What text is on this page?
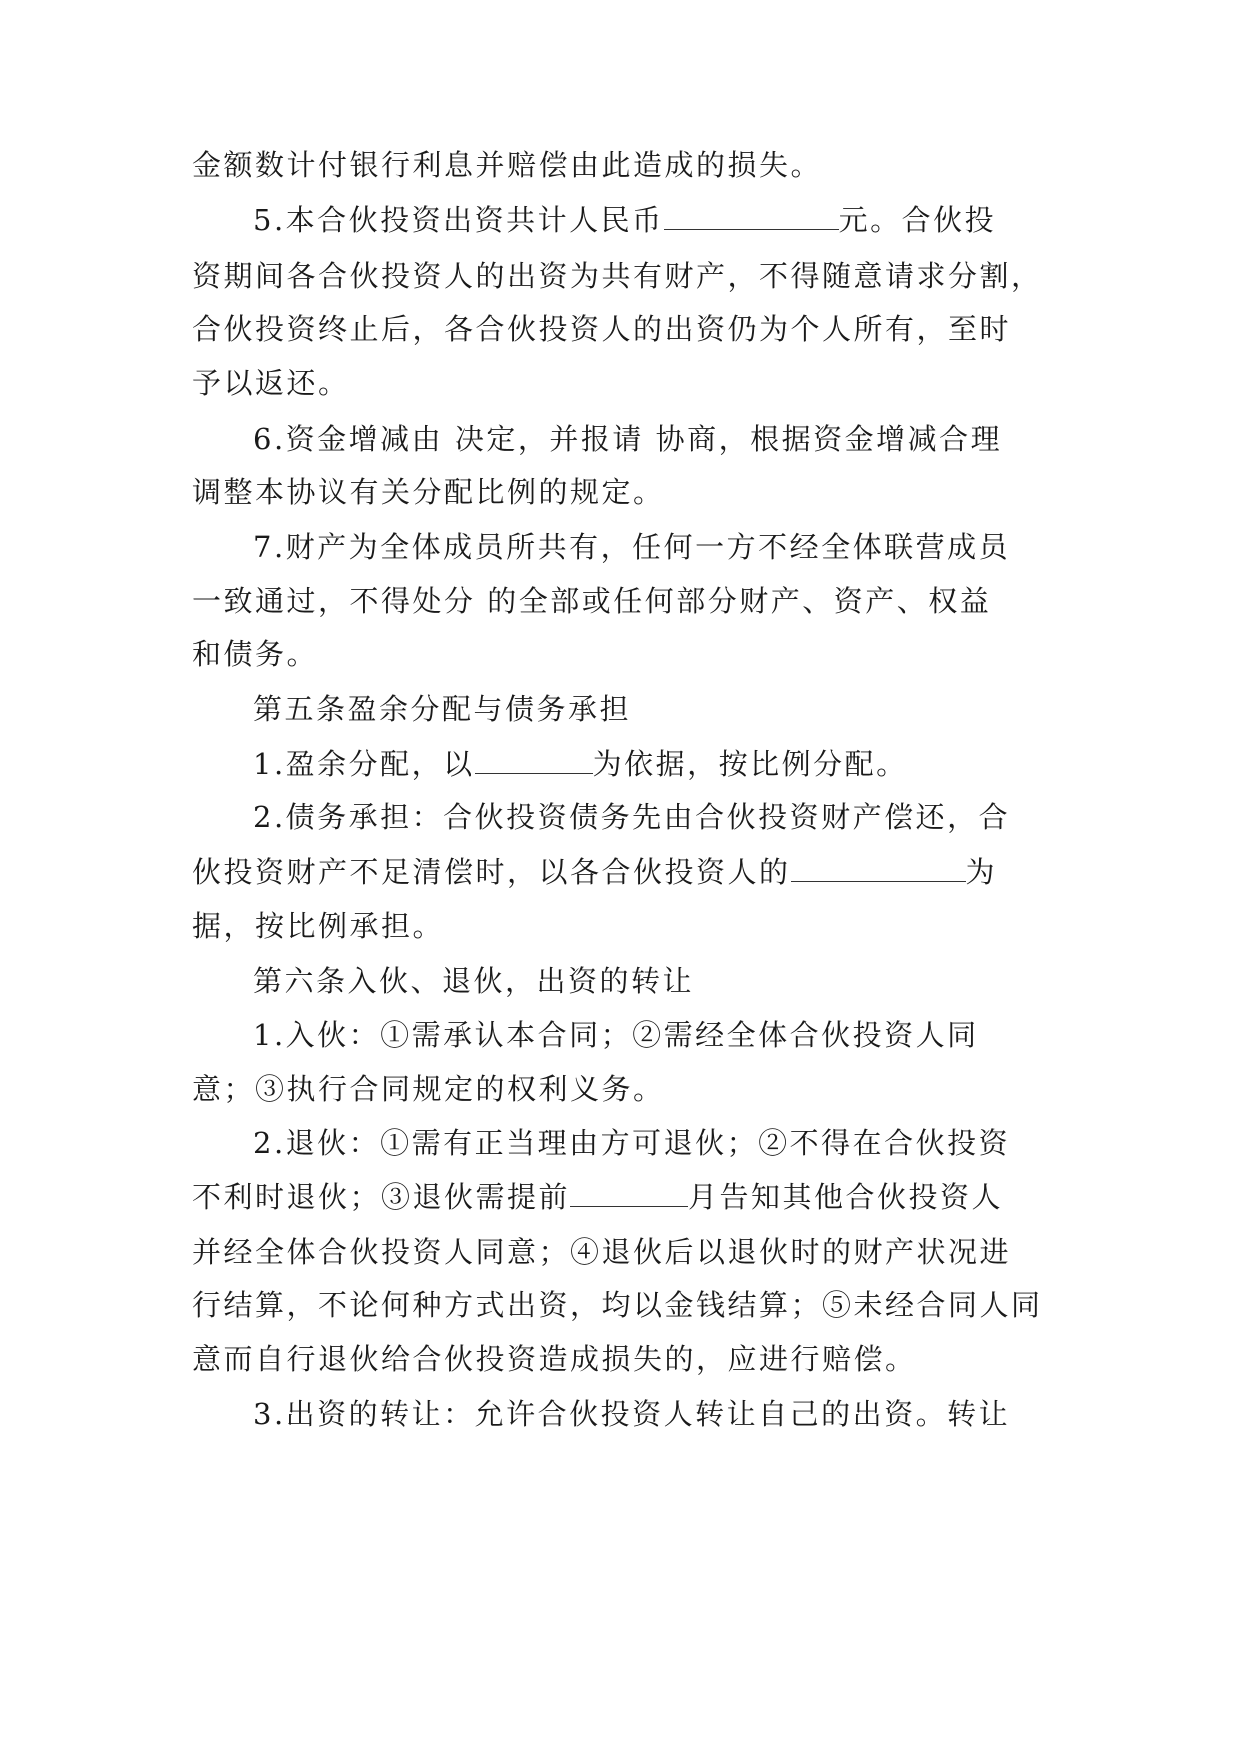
金额数计付银行利息并赔偿由此造成的损失。
5.本合伙投资出资共计人民币	元。合伙投
资期间各合伙投资人的出资为共有财产，不得随意请求分割，
合伙投资终止后，各合伙投资人的出资仍为个人所有，至时
予以返还。
6.资金增减由 决定，并报请 协商，根据资金增减合理
调整本协议有关分配比例的规定。
7.财产为全体成员所共有，任何一方不经全体联营成员
一致通过，不得处分 的全部或任何部分财产、资产、权益
和债务。
第五条盈余分配与债务承担
1.盈余分配，以	为依据，按比例分配。
2.债务承担：合伙投资债务先由合伙投资财产偿还，合
伙投资财产不足清偿时，以各合伙投资人的	为
据，按比例承担。
第六条入伙、退伙，出资的转让
1.入伙：①需承认本合同；②需经全体合伙投资人同
意；③执行合同规定的权利义务。
2.退伙：①需有正当理由方可退伙；②不得在合伙投资
不利时退伙；③退伙需提前	月告知其他合伙投资人
并经全体合伙投资人同意；④退伙后以退伙时的财产状况进
行结算，不论何种方式出资，均以金钱结算；⑤未经合同人同
意而自行退伙给合伙投资造成损失的，应进行赔偿。
3.出资的转让：允许合伙投资人转让自己的出资。转让
